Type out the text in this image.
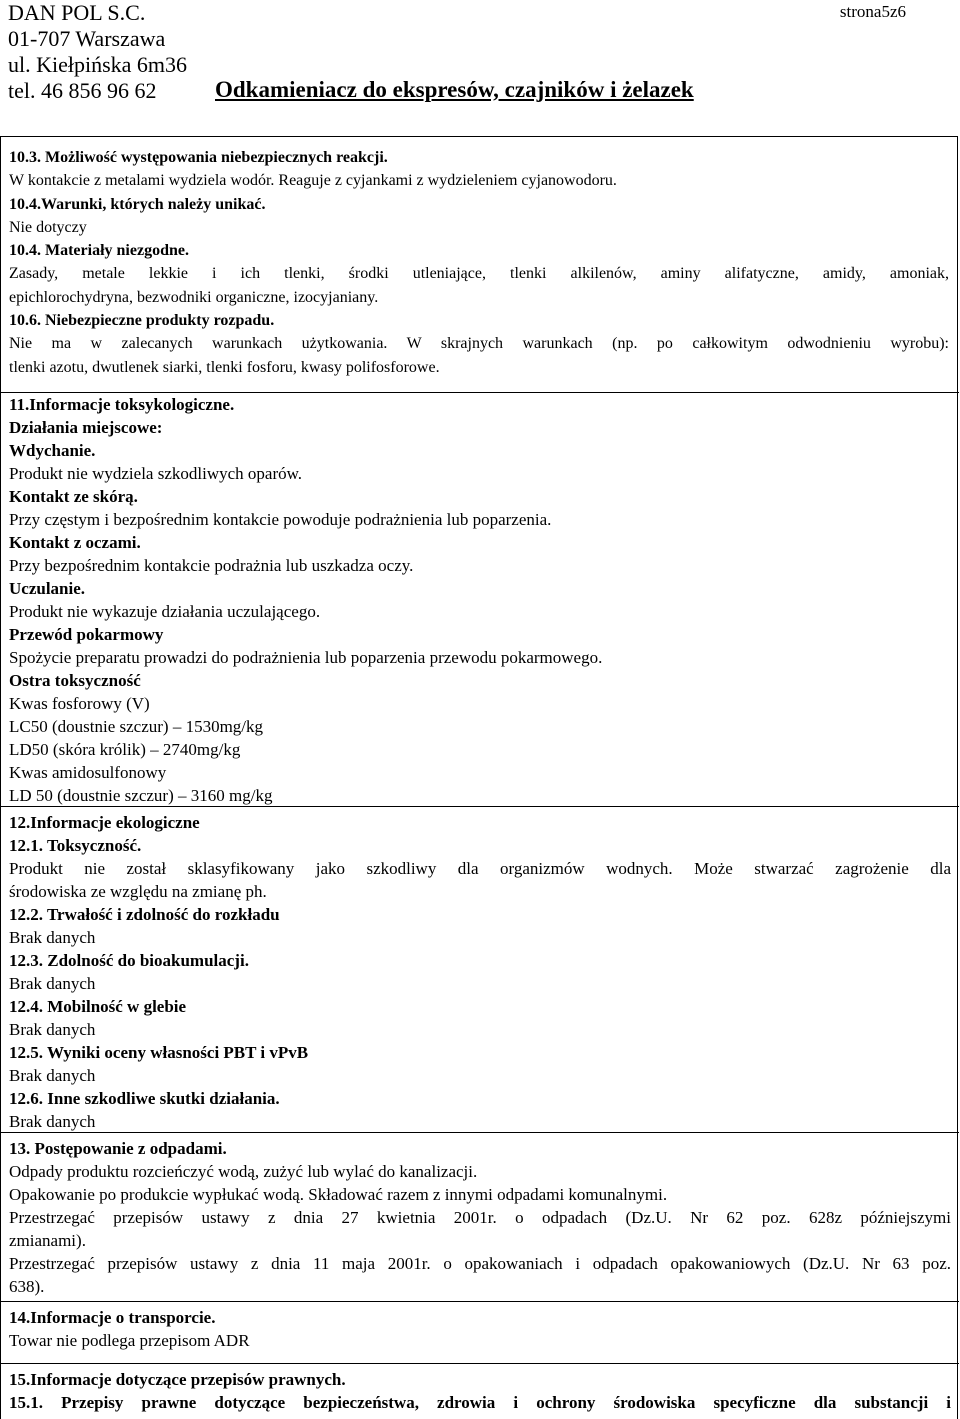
DAN POL S.C.
01-707 Warszawa
ul. Kiełpińska 6m36
tel. 46 856 96 62
strona5z6
Odkamieniacz do ekspresów, czajników i żelazek
10.3. Możliwość występowania niebezpiecznych reakcji.
W kontakcie z metalami wydziela wodór. Reaguje z cyjankami z wydzieleniem cyjanowodoru.
10.4.Warunki, których należy unikać.
Nie dotyczy
10.4. Materiały niezgodne.
Zasady, metale lekkie i ich tlenki, środki utleniające, tlenki alkilenów, aminy alifatyczne, amidy, amoniak,
epichlorochydryna, bezwodniki organiczne, izocyjaniany.
10.6. Niebezpieczne produkty rozpadu.
Nie ma w zalecanych warunkach użytkowania. W skrajnych warunkach (np. po całkowitym odwodnieniu wyrobu):
tlenki azotu, dwutlenek siarki, tlenki fosforu, kwasy polifosforowe.
11.Informacje toksykologiczne.
Działania miejscowe:
Wdychanie.
Produkt nie wydziela szkodliwych oparów.
Kontakt ze skórą.
Przy częstym i bezpośrednim kontakcie powoduje podrażnienia lub poparzenia.
Kontakt z oczami.
Przy bezpośrednim kontakcie podrażnia lub uszkadza oczy.
Uczulanie.
Produkt nie wykazuje działania uczulającego.
Przewód pokarmowy
Spożycie preparatu prowadzi do podrażnienia lub poparzenia przewodu pokarmowego.
Ostra toksyczność
Kwas fosforowy (V)
LC50 (doustnie szczur) – 1530mg/kg
LD50 (skóra królik) – 2740mg/kg
Kwas amidosulfonowy
LD 50 (doustnie szczur) – 3160 mg/kg
12.Informacje ekologiczne
12.1. Toksyczność.
Produkt nie został sklasyfikowany jako szkodliwy dla organizmów wodnych. Może stwarzać zagrożenie dla
środowiska ze względu na zmianę ph.
12.2. Trwałość i zdolność do rozkładu
Brak danych
12.3. Zdolność do bioakumulacji.
Brak danych
12.4. Mobilność w glebie
Brak danych
12.5. Wyniki oceny własności PBT i vPvB
Brak danych
12.6. Inne szkodliwe skutki działania.
Brak danych
13. Postępowanie z odpadami.
Odpady produktu rozcieńczyć wodą, zużyć lub wylać do kanalizacji.
Opakowanie po produkcie wypłukać wodą. Składować razem z innymi odpadami komunalnymi.
Przestrzegać przepisów ustawy z dnia 27 kwietnia 2001r. o odpadach (Dz.U. Nr 62 poz. 628z późniejszymi
zmianami).
Przestrzegać przepisów ustawy z dnia 11 maja 2001r. o opakowaniach i odpadach opakowaniowych (Dz.U. Nr 63 poz.
638).
14.Informacje o transporcie.
Towar nie podlega przepisom ADR
15.Informacje dotyczące przepisów prawnych.
15.1. Przepisy prawne dotyczące bezpieczeństwa, zdrowia i ochrony środowiska specyficzne dla substancji i
